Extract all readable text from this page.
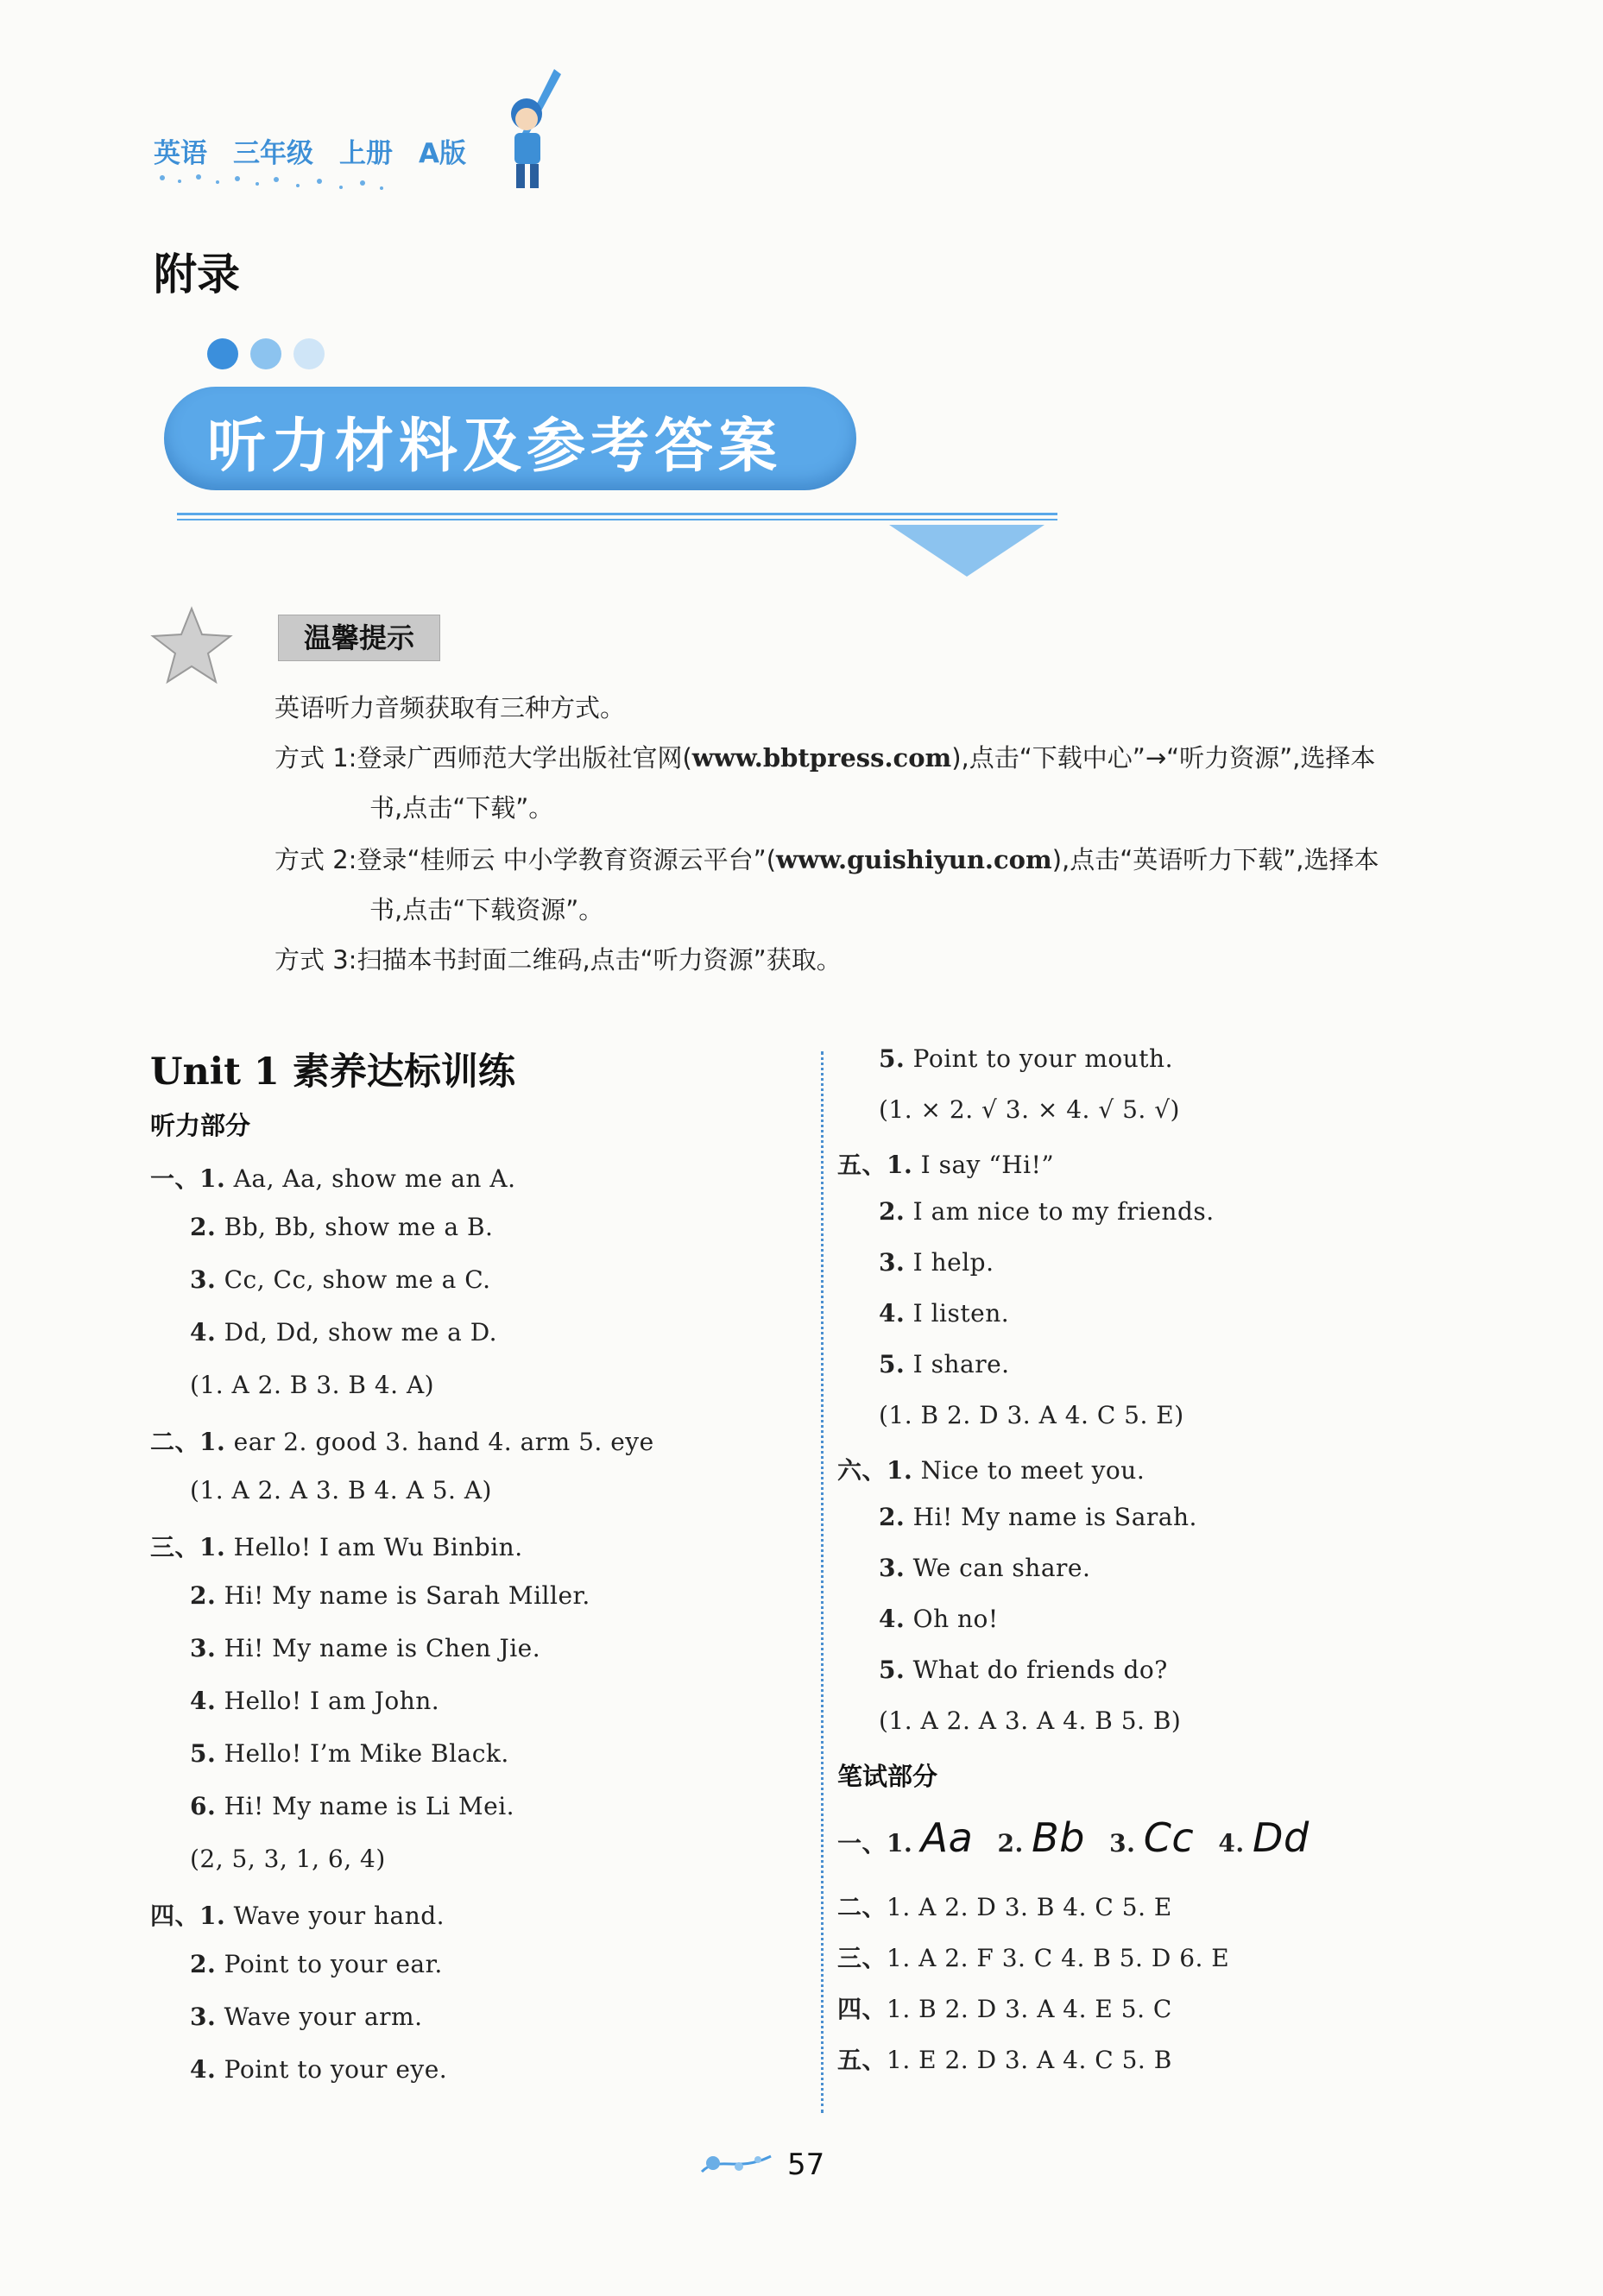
英语 三年级 上册 A版
附录
听力材料及参考答案
温馨提示
英语听力音频获取有三种方式。
方式 1:登录广西师范大学出版社官网(www.bbtpress.com),点击“下载中心”→“听力资源”,选择本
书,点击“下载”。
方式 2:登录“桂师云 中小学教育资源云平台”(www.guishiyun.com),点击“英语听力下载”,选择本
书,点击“下载资源”。
方式 3:扫描本书封面二维码,点击“听力资源”获取。
Unit 1 素养达标训练
听力部分
一、1. Aa, Aa, show me an A.
2. Bb, Bb, show me a B.
3. Cc, Cc, show me a C.
4. Dd, Dd, show me a D.
(1. A 2. B 3. B 4. A)
二、1. ear 2. good 3. hand 4. arm 5. eye
(1. A 2. A 3. B 4. A 5. A)
三、1. Hello! I am Wu Binbin.
2. Hi! My name is Sarah Miller.
3. Hi! My name is Chen Jie.
4. Hello! I am John.
5. Hello! I’m Mike Black.
6. Hi! My name is Li Mei.
(2, 5, 3, 1, 6, 4)
四、1. Wave your hand.
2. Point to your ear.
3. Wave your arm.
4. Point to your eye.
5. Point to your mouth.
(1. × 2. √ 3. × 4. √ 5. √)
五、1. I say “Hi!”
2. I am nice to my friends.
3. I help.
4. I listen.
5. I share.
(1. B 2. D 3. A 4. C 5. E)
六、1. Nice to meet you.
2. Hi! My name is Sarah.
3. We can share.
4. Oh no!
5. What do friends do?
(1. A 2. A 3. A 4. B 5. B)
笔试部分
一、1. Aa 2. Bb 3. Cc 4. Dd
二、1. A 2. D 3. B 4. C 5. E
三、1. A 2. F 3. C 4. B 5. D 6. E
四、1. B 2. D 3. A 4. E 5. C
五、1. E 2. D 3. A 4. C 5. B
57
